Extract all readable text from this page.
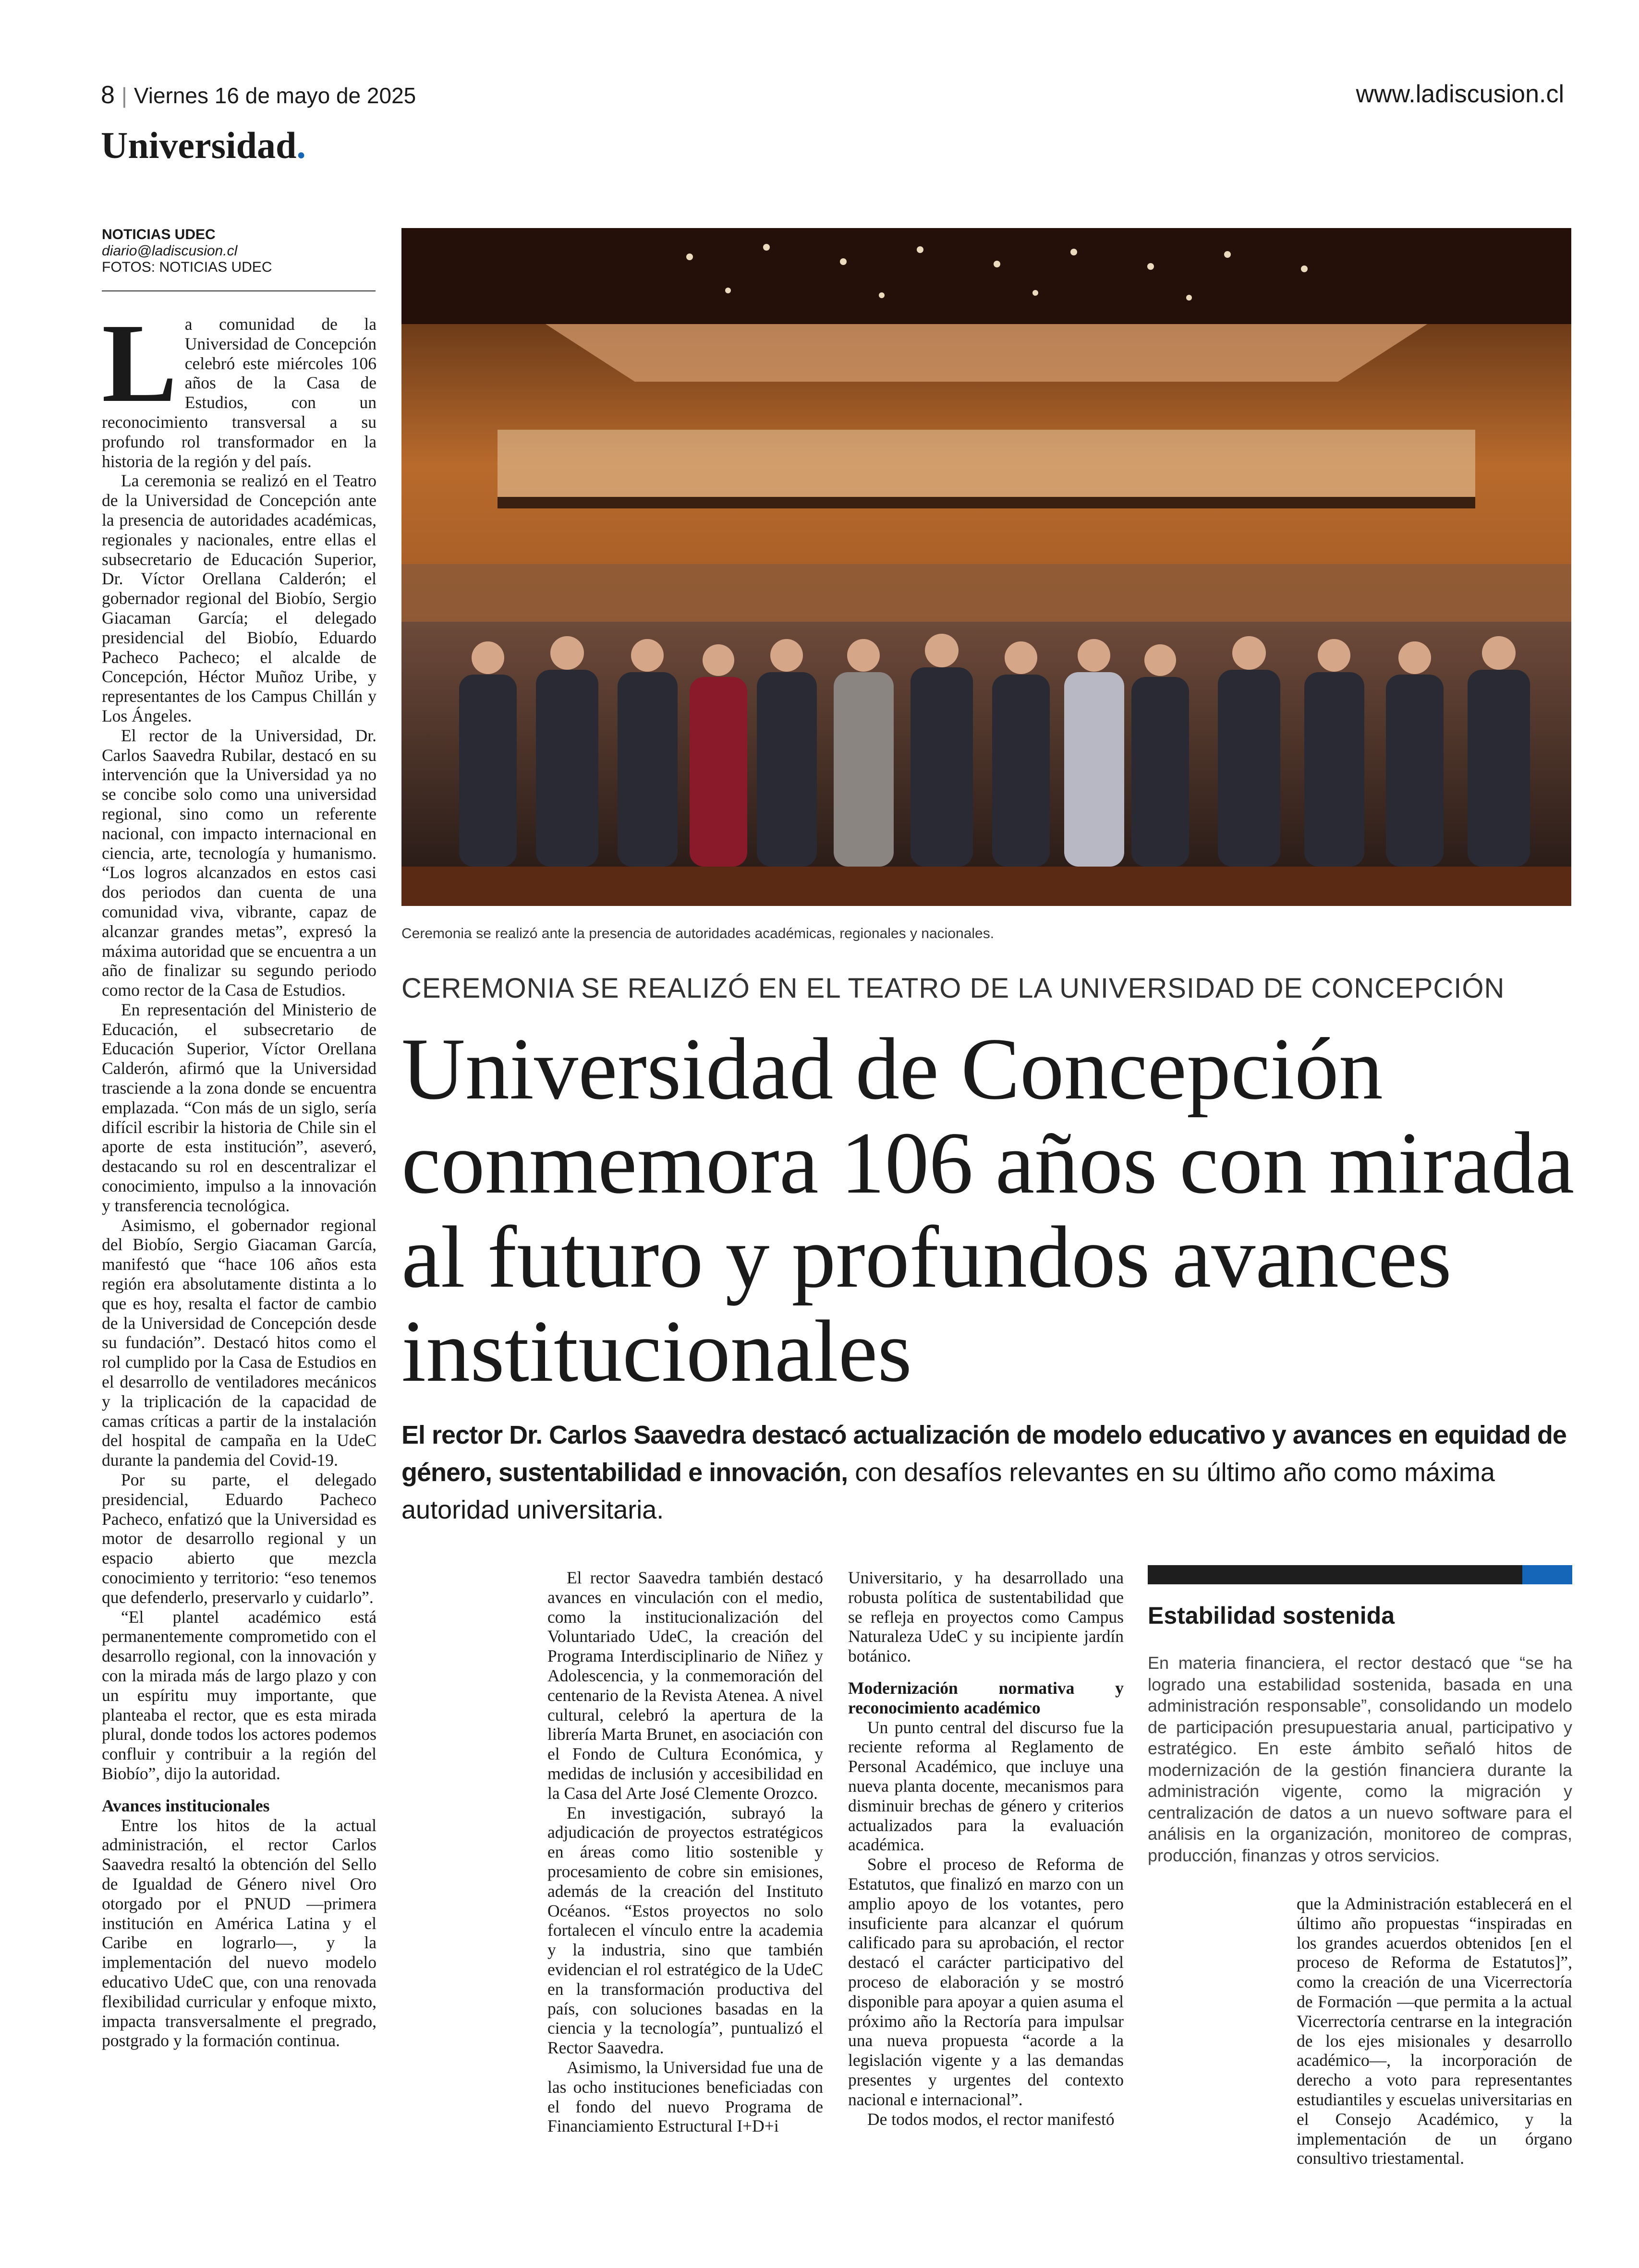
8 | Viernes 16 de mayo de 2025	www.ladiscusion.cl
Universidad.
NOTICIAS UDEC
diario@ladiscusion.cl
FOTOS: NOTICIAS UDEC

La comunidad de la Universidad de Concepción celebró este miércoles 106 años de la Casa de Estudios, con un reconocimiento transversal a su profundo rol transformador en la historia de la región y del país.

La ceremonia se realizó en el Teatro de la Universidad de Concepción ante la presencia de autoridades académicas, regionales y nacionales, entre ellas el subsecretario de Educación Superior, Dr. Víctor Orellana Calderón; el gobernador regional del Biobío, Sergio Giacaman García; el delegado presidencial del Biobío, Eduardo Pacheco Pacheco; el alcalde de Concepción, Héctor Muñoz Uribe, y representantes de los Campus Chillán y Los Ángeles.

El rector de la Universidad, Dr. Carlos Saavedra Rubilar, destacó en su intervención que la Universidad ya no se concibe solo como una universidad regional, sino como un referente nacional, con impacto internacional en ciencia, arte, tecnología y humanismo. “Los logros alcanzados en estos casi dos periodos dan cuenta de una comunidad viva, vibrante, capaz de alcanzar grandes metas”, expresó la máxima autoridad que se encuentra a un año de finalizar su segundo periodo como rector de la Casa de Estudios.

En representación del Ministerio de Educación, el subsecretario de Educación Superior, Víctor Orellana Calderón, afirmó que la Universidad trasciende a la zona donde se encuentra emplazada. “Con más de un siglo, sería difícil escribir la historia de Chile sin el aporte de esta institución”, aseveró, destacando su rol en descentralizar el conocimiento, impulso a la innovación y transferencia tecnológica.

Asimismo, el gobernador regional del Biobío, Sergio Giacaman García, manifestó que “hace 106 años esta región era absolutamente distinta a lo que es hoy, resalta el factor de cambio de la Universidad de Concepción desde su fundación”. Destacó hitos como el rol cumplido por la Casa de Estudios en el desarrollo de ventiladores mecánicos y la triplicación de la capacidad de camas críticas a partir de la instalación del hospital de campaña en la UdeC durante la pandemia del Covid-19.

Por su parte, el delegado presidencial, Eduardo Pacheco Pacheco, enfatizó que la Universidad es motor de desarrollo regional y un espacio abierto que mezcla conocimiento y territorio: “eso tenemos que defenderlo, preservarlo y cuidarlo”.

“El plantel académico está permanentemente comprometido con el desarrollo regional, con la innovación y con la mirada más de largo plazo y con un espíritu muy importante, que planteaba el rector, que es esta mirada plural, donde todos los actores podemos confluir y contribuir a la región del Biobío”, dijo la autoridad.

Avances institucionales

Entre los hitos de la actual administración, el rector Carlos Saavedra resaltó la obtención del Sello de Igualdad de Género nivel Oro otorgado por el PNUD —primera institución en América Latina y el Caribe en lograrlo—, y la implementación del nuevo modelo educativo UdeC que, con una renovada flexibilidad curricular y enfoque mixto, impacta transversalmente el pregrado, postgrado y la formación continua.

Ceremonia se realizó ante la presencia de autoridades académicas, regionales y nacionales.
CEREMONIA SE REALIZÓ EN EL TEATRO DE LA UNIVERSIDAD DE CONCEPCIÓN
Universidad de Concepción conmemora 106 años con mirada al futuro y profundos avances institucionales
El rector Dr. Carlos Saavedra destacó actualización de modelo educativo y avances en equidad de género, sustentabilidad e innovación, con desafíos relevantes en su último año como máxima autoridad universitaria.

El rector Saavedra también destacó avances en vinculación con el medio, como la institucionalización del Voluntariado UdeC, la creación del Programa Interdisciplinario de Niñez y Adolescencia, y la conmemoración del centenario de la Revista Atenea. A nivel cultural, celebró la apertura de la librería Marta Brunet, en asociación con el Fondo de Cultura Económica, y medidas de inclusión y accesibilidad en la Casa del Arte José Clemente Orozco.

En investigación, subrayó la adjudicación de proyectos estratégicos en áreas como litio sostenible y procesamiento de cobre sin emisiones, además de la creación del Instituto Océanos. “Estos proyectos no solo fortalecen el vínculo entre la academia y la industria, sino que también evidencian el rol estratégico de la UdeC en la transformación productiva del país, con soluciones basadas en la ciencia y la tecnología”, puntualizó el Rector Saavedra.

Asimismo, la Universidad fue una de las ocho instituciones beneficiadas con el fondo del nuevo Programa de Financiamiento Estructural I+D+i

Universitario, y ha desarrollado una robusta política de sustentabilidad que se refleja en proyectos como Campus Naturaleza UdeC y su incipiente jardín botánico.

Modernización normativa y reconocimiento académico

Un punto central del discurso fue la reciente reforma al Reglamento de Personal Académico, que incluye una nueva planta docente, mecanismos para disminuir brechas de género y criterios actualizados para la evaluación académica.

Sobre el proceso de Reforma de Estatutos, que finalizó en marzo con un amplio apoyo de los votantes, pero insuficiente para alcanzar el quórum calificado para su aprobación, el rector destacó el carácter participativo del proceso de elaboración y se mostró disponible para apoyar a quien asuma el próximo año la Rectoría para impulsar una nueva propuesta “acorde a la legislación vigente y a las demandas presentes y urgentes del contexto nacional e internacional”.

De todos modos, el rector manifestó

Estabilidad sostenida
En materia financiera, el rector destacó que “se ha logrado una estabilidad sostenida, basada en una administración responsable”, consolidando un modelo de participación presupuestaria anual, participativo y estratégico. En este ámbito señaló hitos de modernización de la gestión financiera durante la administración vigente, como la migración y centralización de datos a un nuevo software para el análisis en la organización, monitoreo de compras, producción, finanzas y otros servicios.

que la Administración establecerá en el último año propuestas “inspiradas en los grandes acuerdos obtenidos [en el proceso de Reforma de Estatutos]”, como la creación de una Vicerrectoría de Formación —que permita a la actual Vicerrectoría centrarse en la integración de los ejes misionales y desarrollo académico—, la incorporación de derecho a voto para representantes estudiantiles y escuelas universitarias en el Consejo Académico, y la implementación de un órgano consultivo triestamental.
